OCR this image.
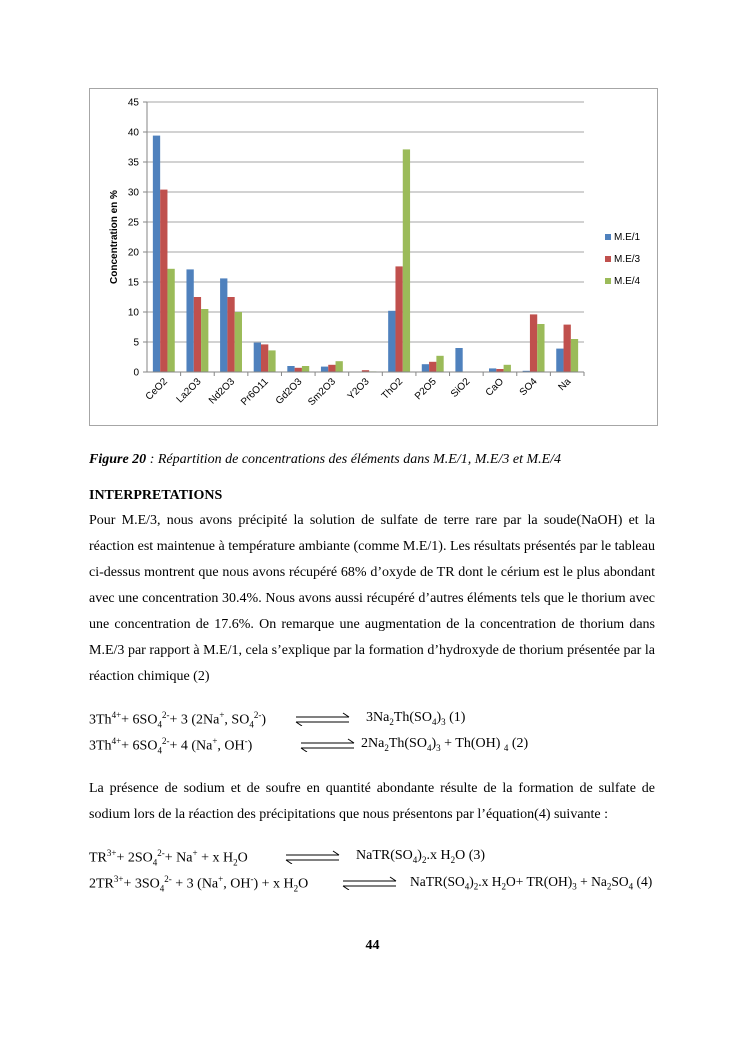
0
5
10
15
20
25
30
35
40
45
CeO2 La2O3 Nd2O3 Pr6O11 Gd2O3 Sm2O3 Y2O3 ThO2 P2O5 SiO2 CaO SO4 Na
Concentration en %	M.E/1
M.E/3
M.E/4
Figure 20 : Répartition de concentrations des éléments dans M.E/1, M.E/3 et M.E/4
INTERPRETATIONS
Pour M.E/3, nous avons précipité la solution de sulfate de terre rare par la soude(NaOH) et la réaction est maintenue à température ambiante (comme M.E/1). Les résultats présentés par le tableau ci-dessus montrent que nous avons récupéré 68% d’oxyde de TR dont le cérium est le plus abondant avec une concentration 30.4%. Nous avons aussi récupéré d’autres éléments tels que le thorium avec une concentration de 17.6%. On remarque une augmentation de la concentration de thorium dans M.E/3 par rapport à M.E/1, cela s’explique par la formation d’hydroxyde de thorium présentée par la réaction chimique (2)
$3Th^{4+}+ 6SO_4^{2-}+ 3$ (2Na+, $SO_4^{2-}$) ⇌ $3Na_2Th(SO_4)_3$ (1)
$3Th^{4+}+ 6SO_4^{2-}+ 4$ (Na+, OH-)	⇌ $2Na_2Th(SO_4)_3 + Th(OH)$ $_4$ (2)
La présence de sodium et de soufre en quantité abondante résulte de la formation de sulfate de sodium lors de la réaction des précipitations que nous présentons par l’équation(4) suivante :
$TR^{3+}+ 2SO_4^{2-}+ Na^+ + x$ $H_2O$ ⇌ $NaTR(SO_4)_2.x$ $H_2O$ (3)
$2TR^{3+}+ 3SO_4^{2-} + 3$ (Na+, OH-) + x $H_2O$ ⇌ $NaTR(SO_4)_2.x$ $H_2O+ TR(OH)_3 + Na_2SO_4$ (4)
44
